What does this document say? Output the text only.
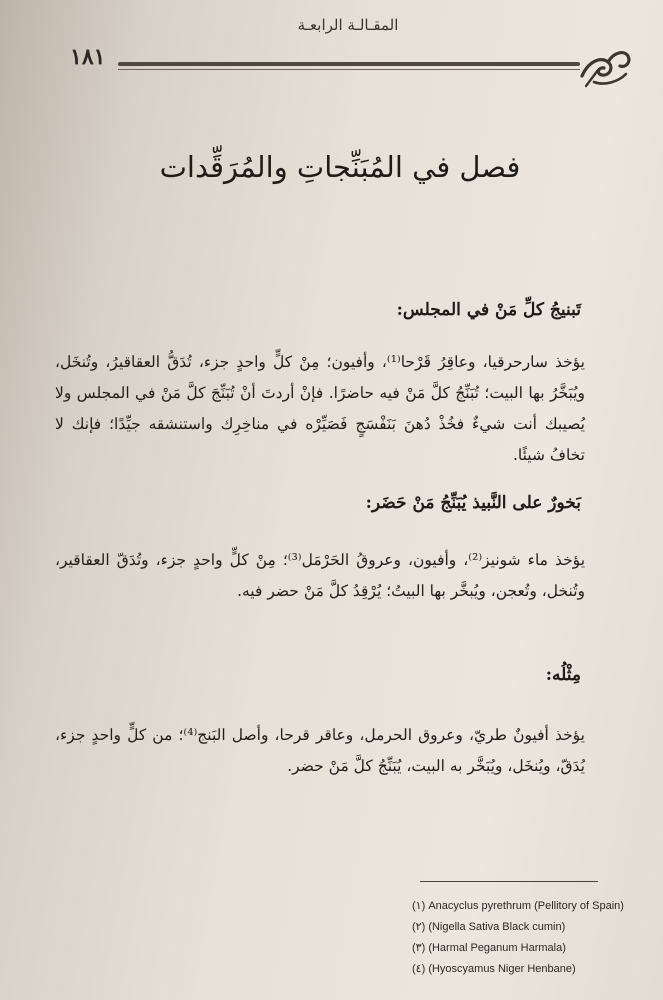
المقـالـة الرابعـة
١٨١
فصل في المُبَنِّجاتِ والمُرَقِّدات
تَبنيجُ كلِّ مَنْ في المجلس:
يؤخذ سارحرقيا، وعاقِرُ قَرْحا⁽¹⁾، وأفيون؛ مِنْ كلٍّ واحدٍ جزء، تُدَقُّ العقاقيرُ، وتُنخَل، ويُبَخَّرُ بها البيت؛ تُبَنِّجُ كلَّ مَنْ فيه حاضرًا. فإنْ أردتَ أنْ تُبَنِّجَ كلَّ مَنْ في المجلس ولا يُصيبك أنت شيءٌ فخُذْ دُهنَ بَنَفْسَجٍ فَصَيِّرْه في مناخِرِك واستنشقه جيِّدًا؛ فإنك لا تخافُ شيئًا.
بَخورٌ على النَّبيذ يُبَنِّجُ مَنْ حَضَر:
يؤخذ ماء شونيز⁽²⁾، وأفيون، وعروقُ الحَرْمَل⁽³⁾؛ مِنْ كلٍّ واحدٍ جزء، وتُدَقّ العقاقير، وتُنخل، وتُعجن، ويُبخَّر بها البيتُ؛ يُرْقِدُ كلَّ مَنْ حضر فيه.
مِثْلُه:
يؤخذ أفيونٌ طريّ، وعروق الحرمل، وعاقر قرحا، وأصل البَنج⁽⁴⁾؛ من كلٍّ واحدٍ جزء، يُدَقّ، ويُنخَل، ويُبَخَّر به البيت، يُبَنِّجُ كلَّ مَنْ حضر.
(١) Anacyclus pyrethrum (Pellitory of Spain)
(٢) (Nigella Sativa Black cumin)
(٣) (Harmal Peganum Harmala)
(٤) (Hyoscyamus Niger Henbane)
